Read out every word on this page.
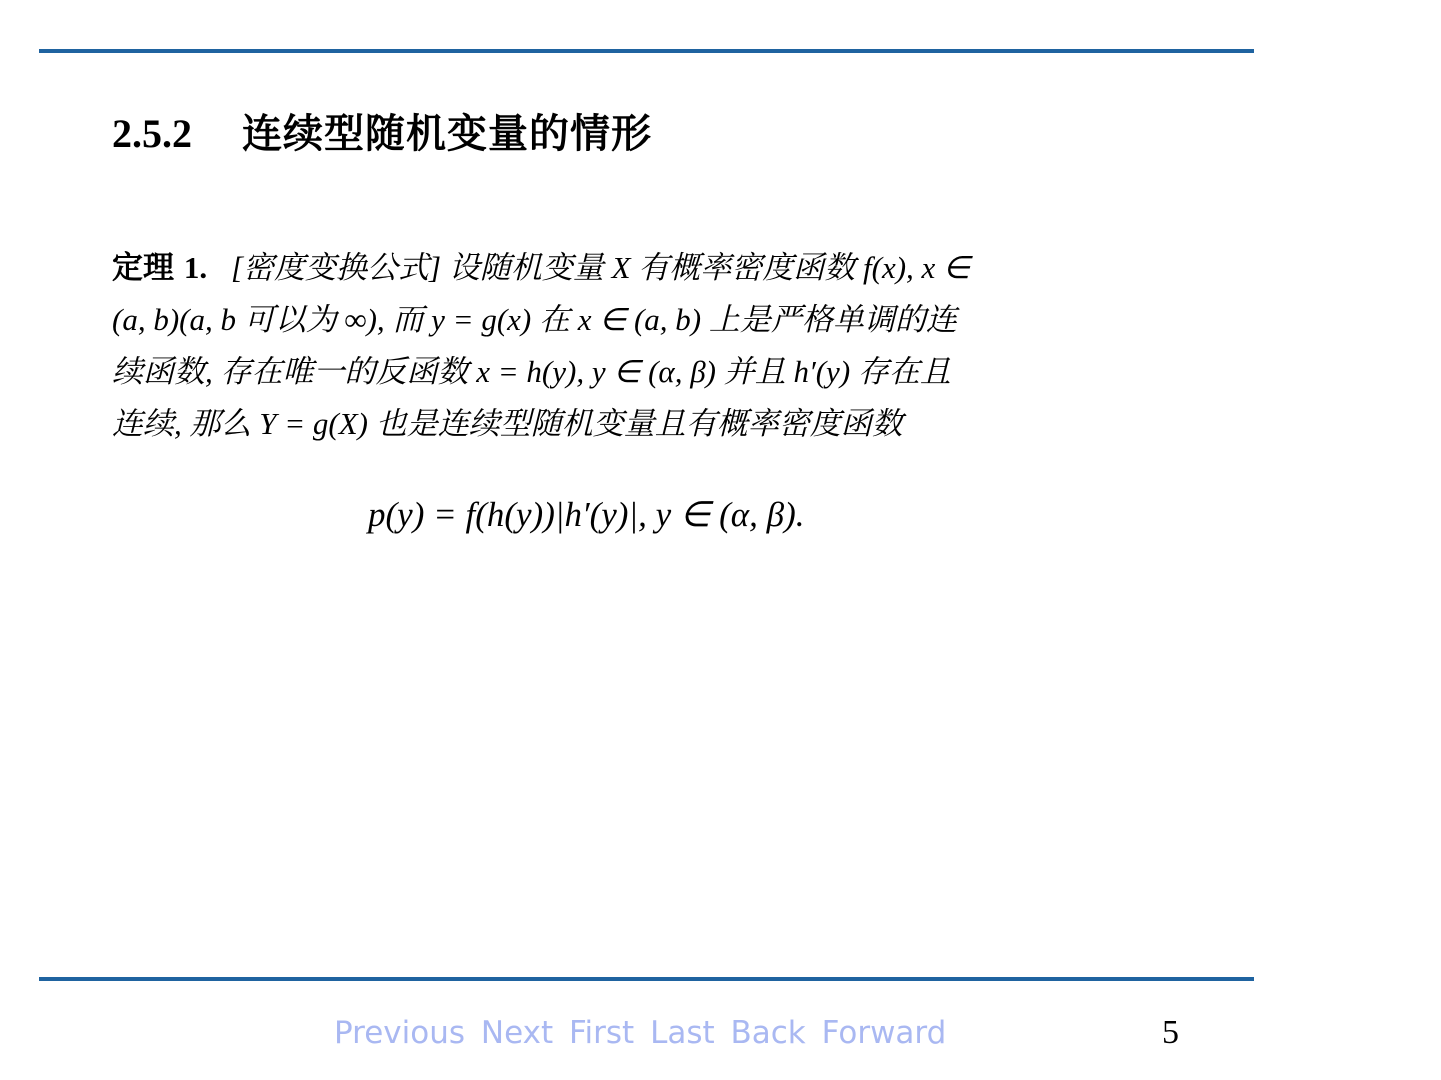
2.5.2 连续型随机变量的情形
定理 1. [密度变换公式] 设随机变量 X 有概率密度函数 f(x), x ∈
(a, b)(a, b 可以为 ∞), 而 y = g(x) 在 x ∈ (a, b) 上是严格单调的连
续函数, 存在唯一的反函数 x = h(y), y ∈ (α, β) 并且 h′(y) 存在且
连续, 那么 Y = g(X) 也是连续型随机变量且有概率密度函数
p(y) = f(h(y))|h′(y)|, y ∈ (α, β).
Previous Next First Last Back Forward	5
